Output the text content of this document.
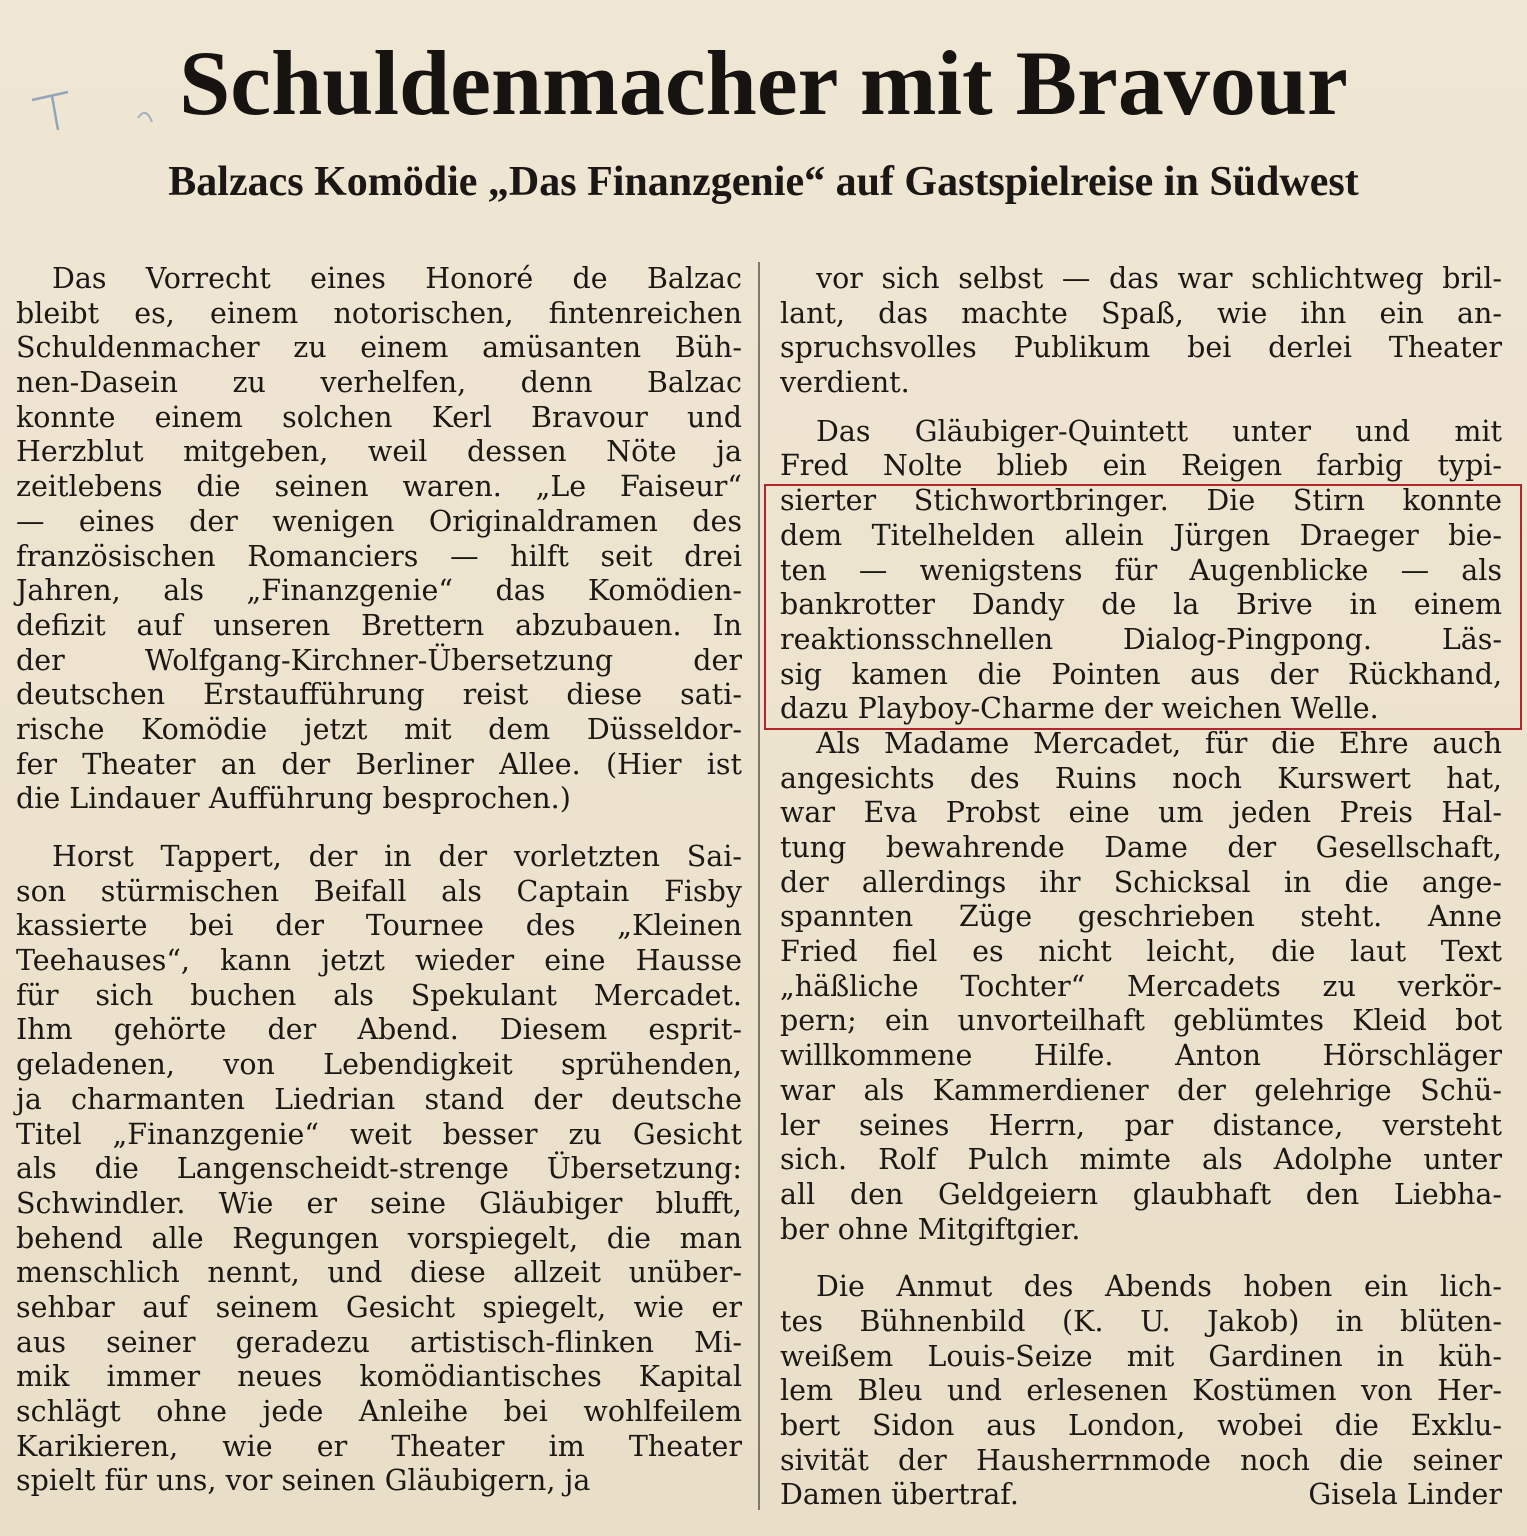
Schuldenmacher mit Bravour
Balzacs Komödie „Das Finanzgenie“ auf Gastspielreise in Südwest
Das Vorrecht eines Honoré de Balzac
bleibt es, einem notorischen, fintenreichen
Schuldenmacher zu einem amüsanten Büh-
nen-Dasein zu verhelfen, denn Balzac
konnte einem solchen Kerl Bravour und
Herzblut mitgeben, weil dessen Nöte ja
zeitlebens die seinen waren. „Le Faiseur“
— eines der wenigen Originaldramen des
französischen Romanciers — hilft seit drei
Jahren, als „Finanzgenie“ das Komödien-
defizit auf unseren Brettern abzubauen. In
der Wolfgang-Kirchner-Übersetzung der
deutschen Erstaufführung reist diese sati-
rische Komödie jetzt mit dem Düsseldor-
fer Theater an der Berliner Allee. (Hier ist
die Lindauer Aufführung besprochen.)
Horst Tappert, der in der vorletzten Sai-
son stürmischen Beifall als Captain Fisby
kassierte bei der Tournee des „Kleinen
Teehauses“, kann jetzt wieder eine Hausse
für sich buchen als Spekulant Mercadet.
Ihm gehörte der Abend. Diesem esprit-
geladenen, von Lebendigkeit sprühenden,
ja charmanten Liedrian stand der deutsche
Titel „Finanzgenie“ weit besser zu Gesicht
als die Langenscheidt-strenge Übersetzung:
Schwindler. Wie er seine Gläubiger blufft,
behend alle Regungen vorspiegelt, die man
menschlich nennt, und diese allzeit unüber-
sehbar auf seinem Gesicht spiegelt, wie er
aus seiner geradezu artistisch-flinken Mi-
mik immer neues komödiantisches Kapital
schlägt ohne jede Anleihe bei wohlfeilem
Karikieren, wie er Theater im Theater
spielt für uns, vor seinen Gläubigern, ja
vor sich selbst — das war schlichtweg bril-
lant, das machte Spaß, wie ihn ein an-
spruchsvolles Publikum bei derlei Theater
verdient.
Das Gläubiger-Quintett unter und mit
Fred Nolte blieb ein Reigen farbig typi-
sierter Stichwortbringer. Die Stirn konnte
dem Titelhelden allein Jürgen Draeger bie-
ten — wenigstens für Augenblicke — als
bankrotter Dandy de la Brive in einem
reaktionsschnellen Dialog-Pingpong. Läs-
sig kamen die Pointen aus der Rückhand,
dazu Playboy-Charme der weichen Welle.
Als Madame Mercadet, für die Ehre auch
angesichts des Ruins noch Kurswert hat,
war Eva Probst eine um jeden Preis Hal-
tung bewahrende Dame der Gesellschaft,
der allerdings ihr Schicksal in die ange-
spannten Züge geschrieben steht. Anne
Fried fiel es nicht leicht, die laut Text
„häßliche Tochter“ Mercadets zu verkör-
pern; ein unvorteilhaft geblümtes Kleid bot
willkommene Hilfe. Anton Hörschläger
war als Kammerdiener der gelehrige Schü-
ler seines Herrn, par distance, versteht
sich. Rolf Pulch mimte als Adolphe unter
all den Geldgeiern glaubhaft den Liebha-
ber ohne Mitgiftgier.
Die Anmut des Abends hoben ein lich-
tes Bühnenbild (K. U. Jakob) in blüten-
weißem Louis-Seize mit Gardinen in küh-
lem Bleu und erlesenen Kostümen von Her-
bert Sidon aus London, wobei die Exklu-
sivität der Hausherrnmode noch die seiner
Damen übertraf.	Gisela Linder
